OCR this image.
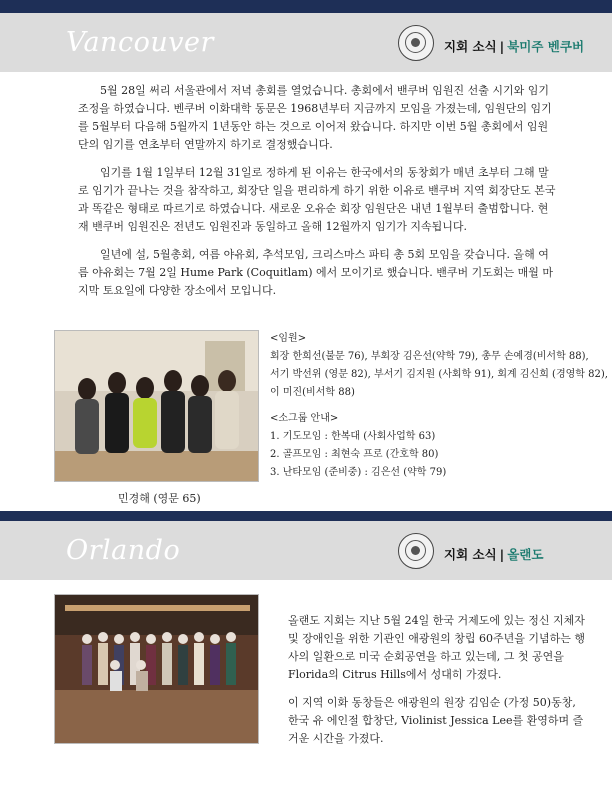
Vancouver	지회 소식 | 북미주 벤쿠버

5월 28일 써리 서울관에서 저녁 총회를 열었습니다. 총회에서 밴쿠버 임원진 선출 시기와 임기조정을 하였습니다. 벤쿠버 이화대학 동문은 1968년부터 지금까지 모임을 가졌는데, 임원단의 임기를 5월부터 다음해 5월까지 1년동안 하는 것으로 이어져 왔습니다. 하지만 이번 5월 총회에서 임원단의 임기를 연초부터 연말까지 하기로 결정했습니다.

임기를 1월 1일부터 12월 31일로 정하게 된 이유는 한국에서의 동창회가 매년 초부터 그해 말로 임기가 끝나는 것을 참작하고, 회장단 일을 편리하게 하기 위한 이유로 밴쿠버 지역 회장단도 본국과 똑같은 형태로 따르기로 하였습니다. 새로운 오유순 회장 임원단은 내년 1월부터 출범합니다. 현재 밴쿠버 임원진은 전년도 임원진과 동일하고 올해 12월까지 임기가 지속됩니다.

일년에 설, 5월총회, 여름 야유회, 추석모임, 크리스마스 파티 총 5회 모임을 갖습니다. 올해 여름 야유회는 7월 2일 Hume Park (Coquitlam) 에서 모이기로 했습니다. 밴쿠버 기도회는 매월 마지막 토요일에 다양한 장소에서 모입니다.

민경해 (영문 65)
<임원>
회장 한희선(불문 76), 부회장 김은선(약학 79), 총무 손예경(비서학 88),
서기 박선위 (영문 82), 부서기 김지원 (사회학 91), 회계 김신희 (경영학 82),
이 미진(비서학 88)
<소그룹 안내>
1. 기도모임 : 한복대 (사회사업학 63)
2. 골프모임 : 최현숙 프로 (간호학 80)
3. 난타모임 (준비중) : 김은선 (약학 79)
Orlando	지회 소식 | 올랜도

올랜도 지회는 지난 5월 24일 한국 거제도에 있는 정신 지체자및 장애인을 위한 기관인 애광원의 창립 60주년을 기념하는 행사의 일환으로 미국 순회공연을 하고 있는데, 그 첫 공연을 Florida의 Citrus Hills에서 성대히 가졌다.

이 지역 이화 동창들은 애광원의 원장 김임순 (가정 50)동창, 한국 유 에인절 합창단, Violinist Jessica Lee를 환영하며 즐거운 시간을 가졌다.
